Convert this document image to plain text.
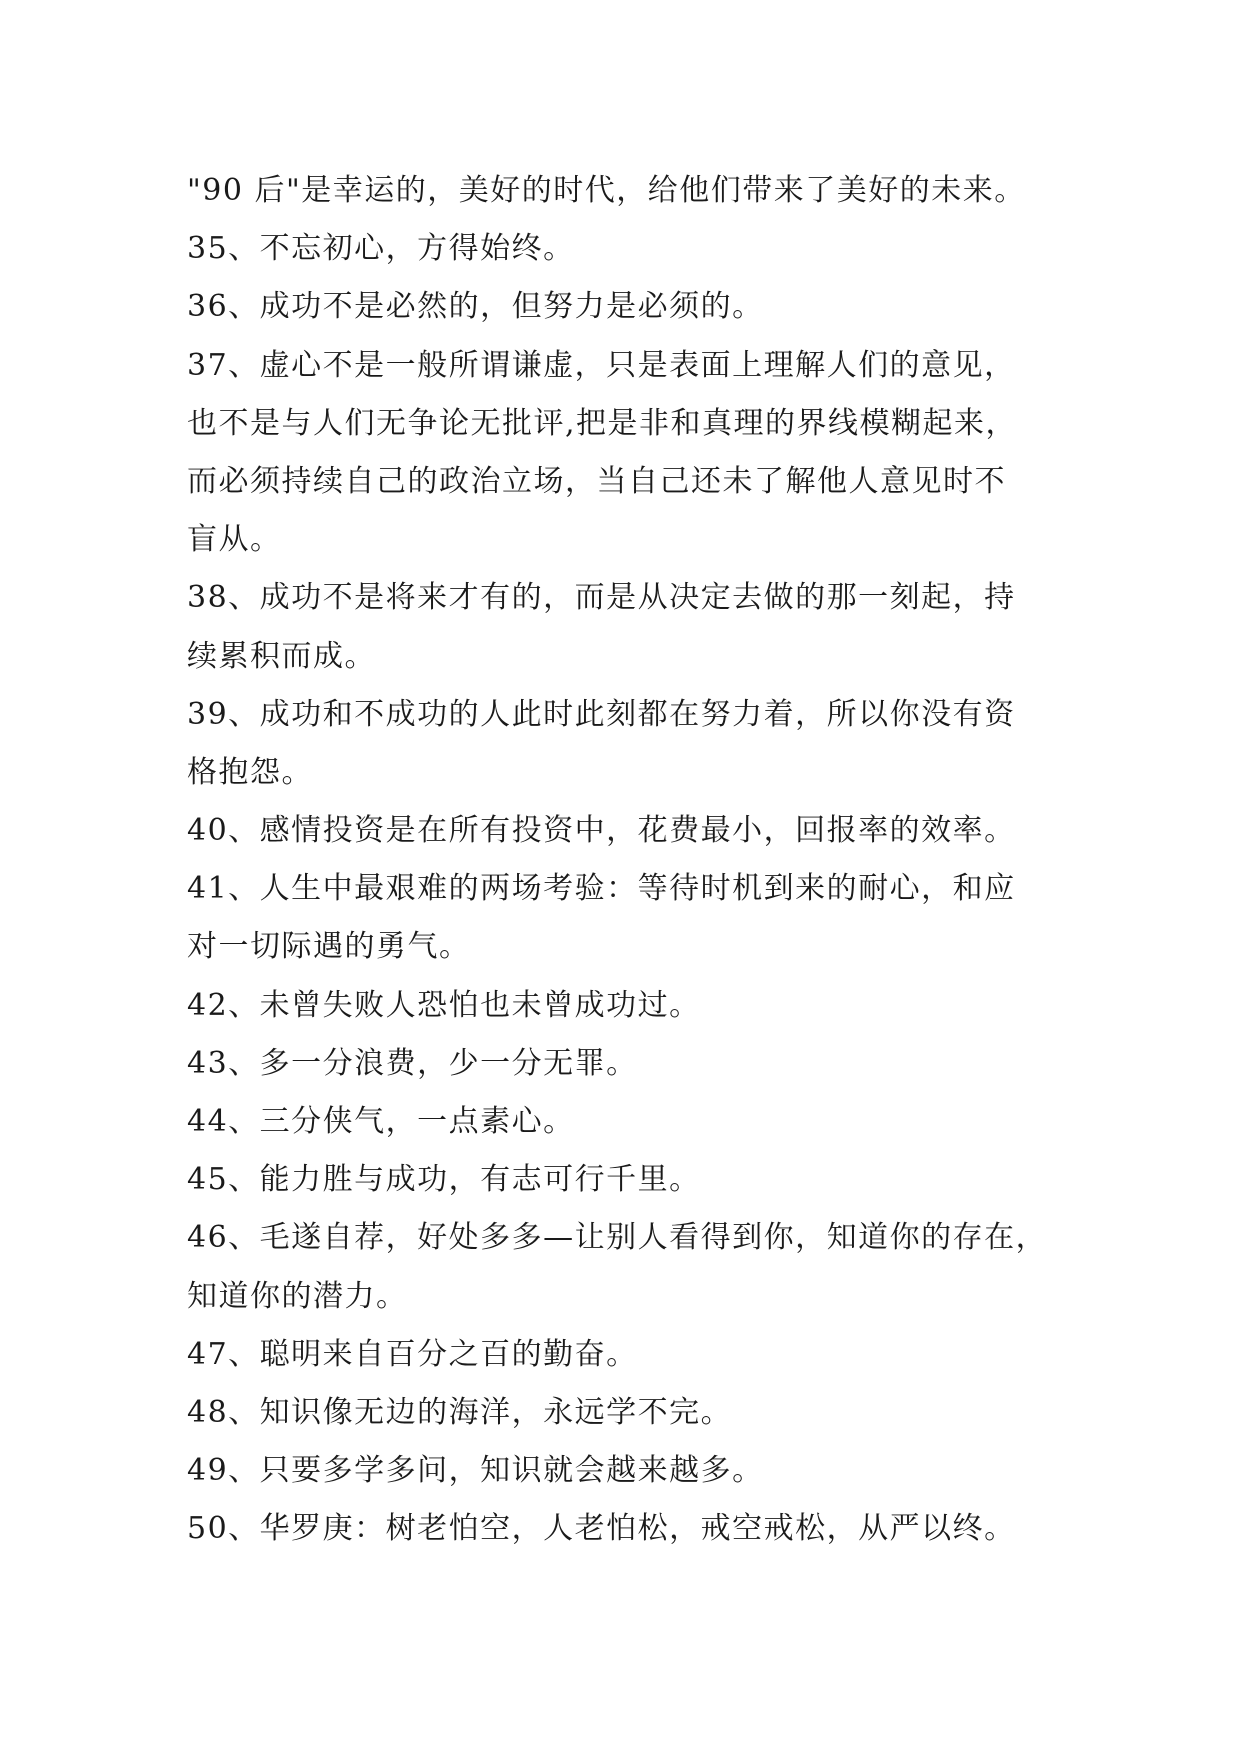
"90 后"是幸运的，美好的时代，给他们带来了美好的未来。
35、不忘初心，方得始终。
36、成功不是必然的，但努力是必须的。
37、虚心不是一般所谓谦虚，只是表面上理解人们的意见，
也不是与人们无争论无批评,把是非和真理的界线模糊起来，
而必须持续自己的政治立场，当自己还未了解他人意见时不
盲从。
38、成功不是将来才有的，而是从决定去做的那一刻起，持
续累积而成。
39、成功和不成功的人此时此刻都在努力着，所以你没有资
格抱怨。
40、感情投资是在所有投资中，花费最小，回报率的效率。
41、人生中最艰难的两场考验：等待时机到来的耐心，和应
对一切际遇的勇气。
42、未曾失败人恐怕也未曾成功过。
43、多一分浪费，少一分无罪。
44、三分侠气，一点素心。
45、能力胜与成功，有志可行千里。
46、毛遂自荐，好处多多—让别人看得到你，知道你的存在，
知道你的潜力。
47、聪明来自百分之百的勤奋。
48、知识像无边的海洋，永远学不完。
49、只要多学多问，知识就会越来越多。
50、华罗庚：树老怕空，人老怕松，戒空戒松，从严以终。
